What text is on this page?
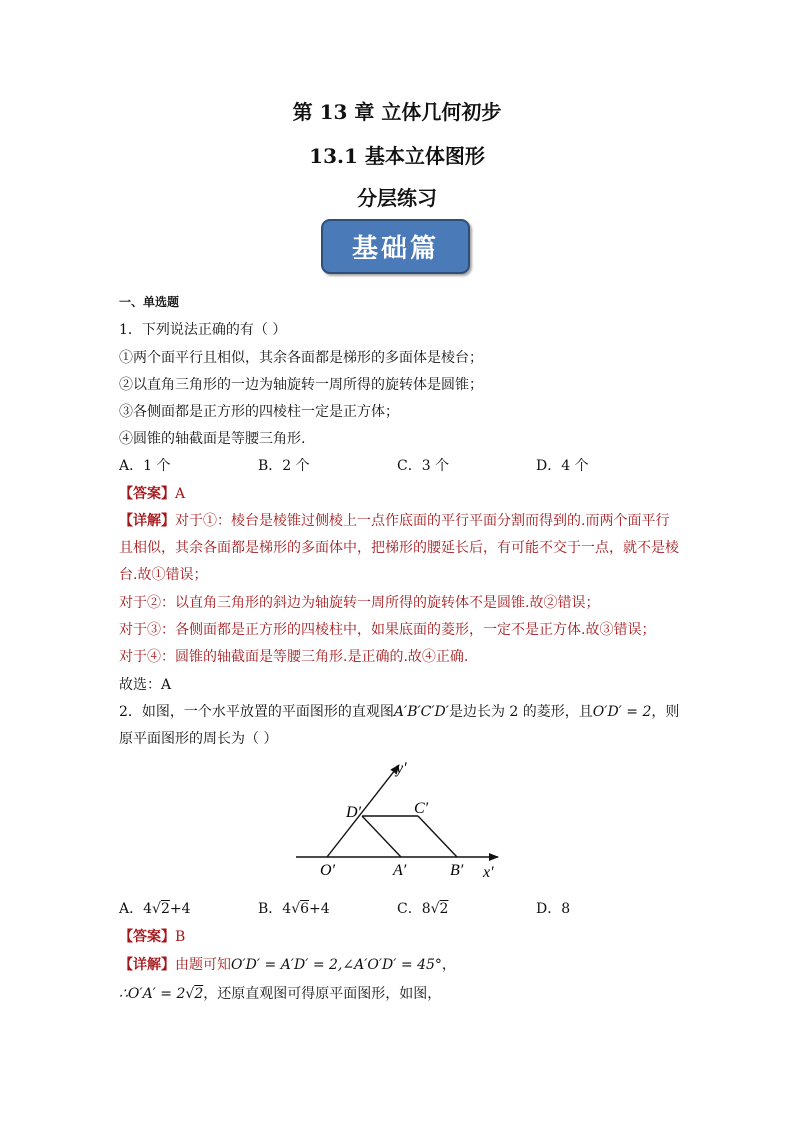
第 13 章 立体几何初步
13.1 基本立体图形
分层练习
基础篇

一、单选题

1．下列说法正确的有（ ）

①两个面平行且相似，其余各面都是梯形的多面体是棱台；

②以直角三角形的一边为轴旋转一周所得的旋转体是圆锥；

③各侧面都是正方形的四棱柱一定是正方体；

④圆锥的轴截面是等腰三角形.

A．1 个	B．2 个	C．3 个	D．4 个

【答案】A

【详解】对于①：棱台是棱锥过侧棱上一点作底面的平行平面分割而得到的.而两个面平行

且相似，其余各面都是梯形的多面体中，把梯形的腰延长后，有可能不交于一点，就不是棱

台.故①错误；

对于②：以直角三角形的斜边为轴旋转一周所得的旋转体不是圆锥.故②错误；

对于③：各侧面都是正方形的四棱柱中，如果底面的菱形，一定不是正方体.故③错误；

对于④：圆锥的轴截面是等腰三角形.是正确的.故④正确.

故选：A

2．如图，一个水平放置的平面图形的直观图A′B′C′D′是边长为 2 的菱形，且O′D′ = 2，则

原平面图形的周长为（ ）

y′
D′	C′
O′	A′	B′ x′
A．4√2+4	B．4√6+4	C．8√2	D．8

【答案】B

【详解】由题可知O′D′ = A′D′ = 2,∠A′O′D′ = 45°，

∴O′A′ = 2√2，还原直观图可得原平面图形，如图，
